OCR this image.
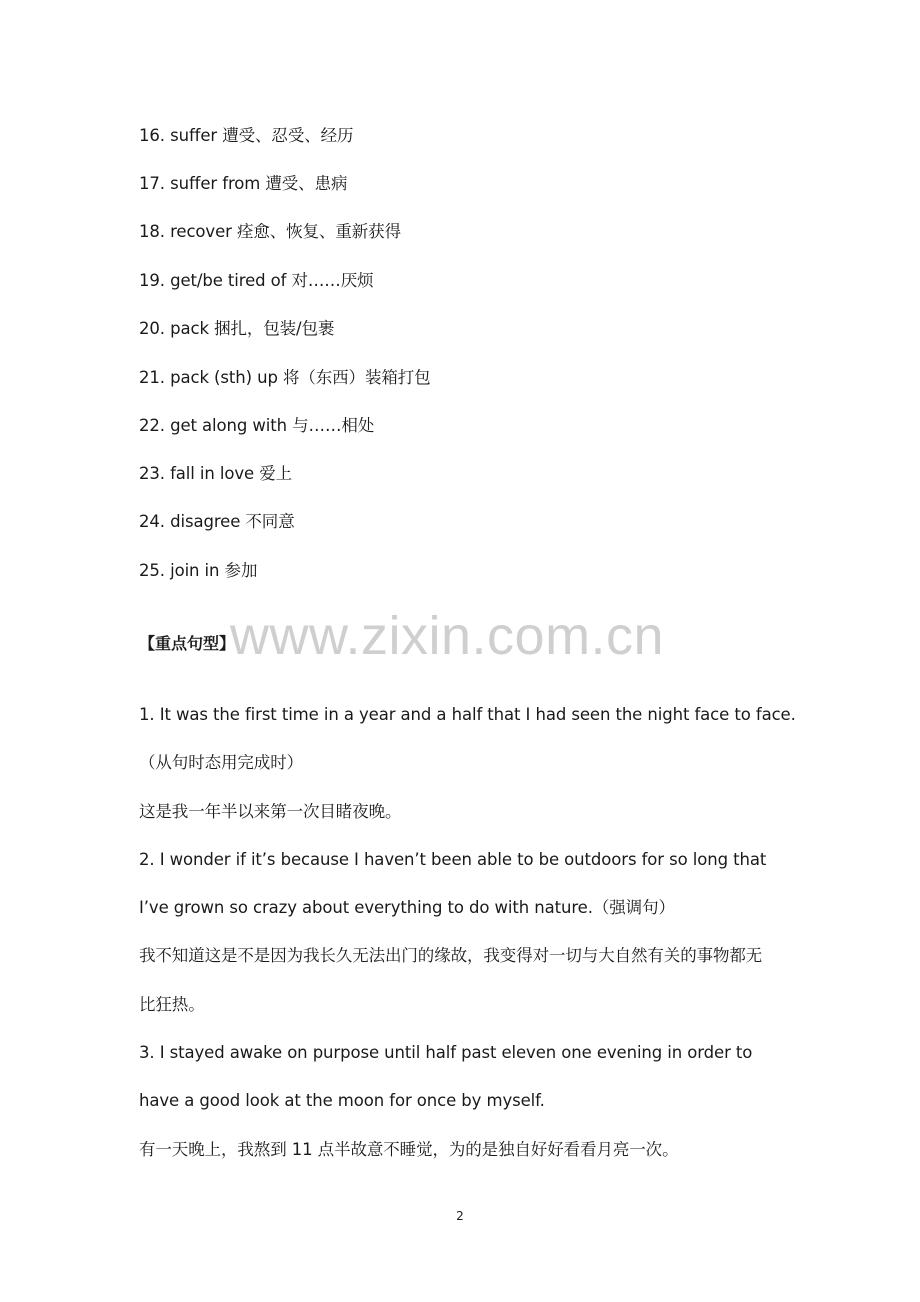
16. suffer 遭受、忍受、经历
17. suffer from 遭受、患病
18. recover 痊愈、恢复、重新获得
19. get/be tired of 对……厌烦
20. pack 捆扎，包装/包裹
21. pack (sth) up 将（东西）装箱打包
22. get along with 与……相处
23. fall in love 爱上
24. disagree 不同意
25. join in 参加
www.zixin.com.cn
【重点句型】
1. It was the first time in a year and a half that I had seen the night face to face.
（从句时态用完成时）
这是我一年半以来第一次目睹夜晚。
2. I wonder if it’s because I haven’t been able to be outdoors for so long that
I’ve grown so crazy about everything to do with nature.（强调句）
我不知道这是不是因为我长久无法出门的缘故，我变得对一切与大自然有关的事物都无
比狂热。
3. I stayed awake on purpose until half past eleven one evening in order to
have a good look at the moon for once by myself.
有一天晚上，我熬到 11 点半故意不睡觉，为的是独自好好看看月亮一次。
2
